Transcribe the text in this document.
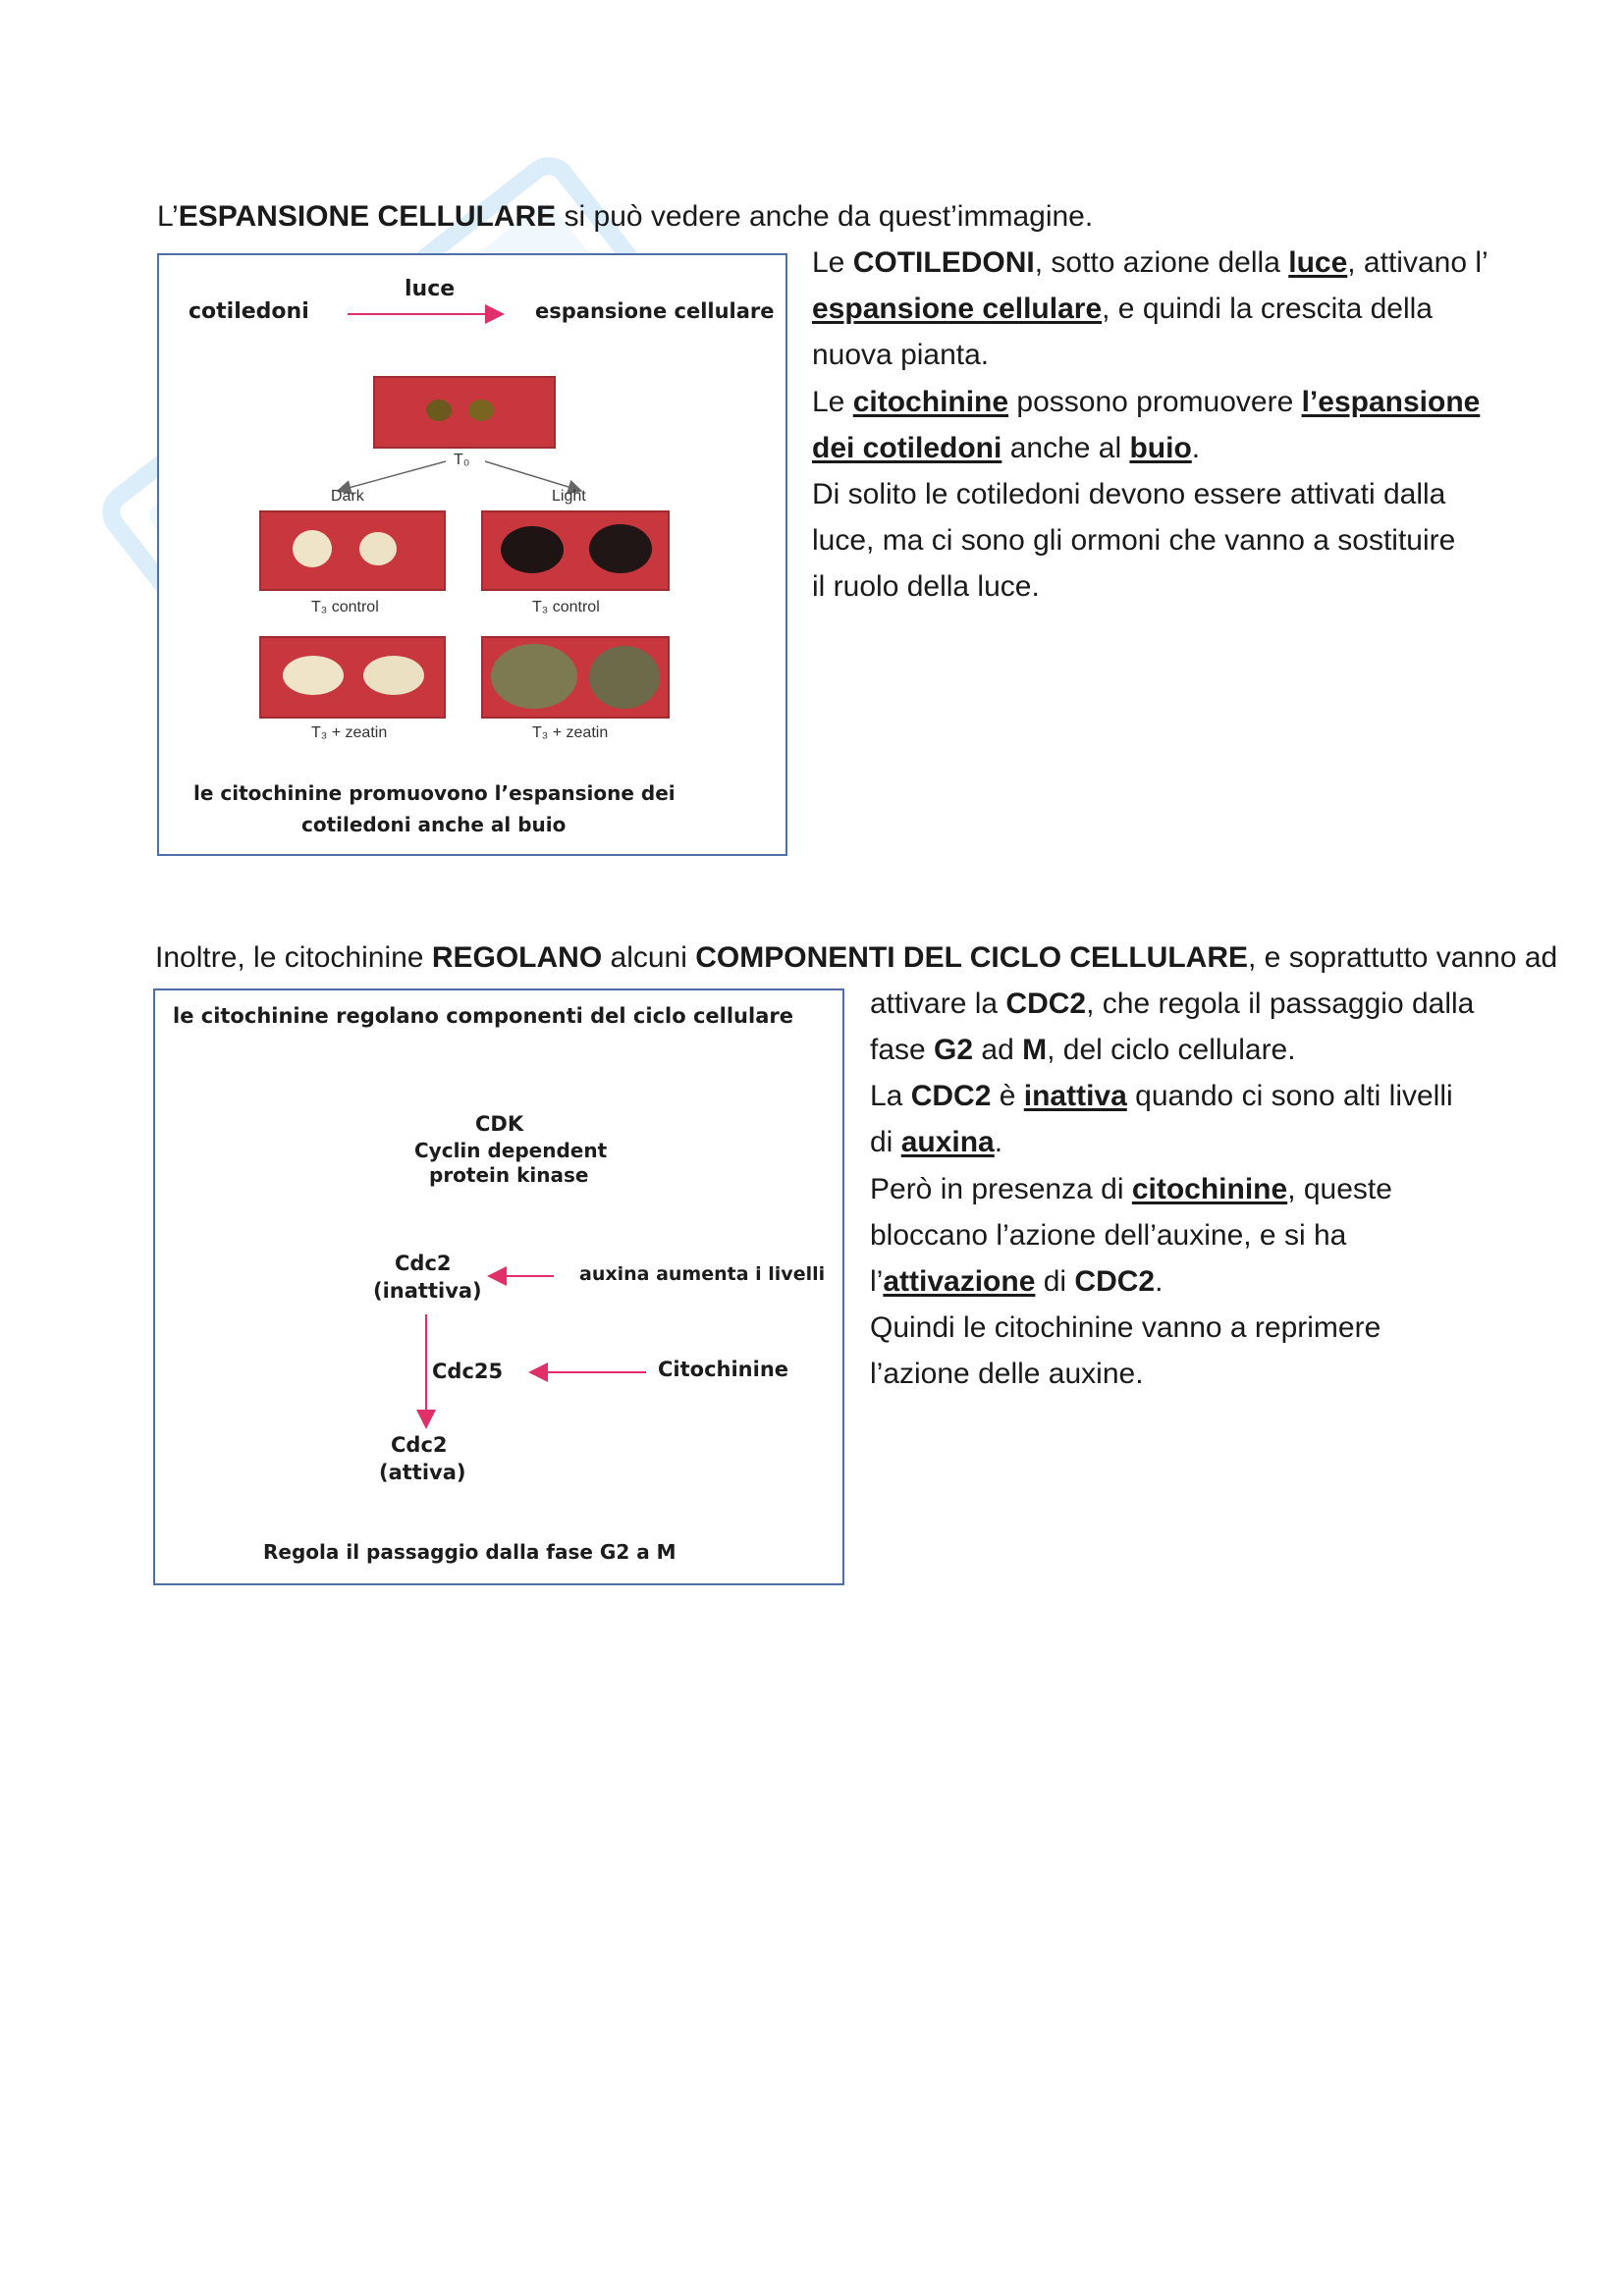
L’ESPANSIONE CELLULARE si può vedere anche da quest’immagine.

cotiledoni
luce
espansione cellulare
T₀
Dark	Light
T₃ control	T₃ control
T₃ + zeatin	T₃ + zeatin
le citochinine promuovono l’espansione dei
cotiledoni anche al buio

Le COTILEDONI, sotto azione della luce, attivano l’

espansione cellulare, e quindi la crescita della

nuova pianta.

Le citochinine possono promuovere l’espansione

dei cotiledoni anche al buio.

Di solito le cotiledoni devono essere attivati dalla

luce, ma ci sono gli ormoni che vanno a sostituire

il ruolo della luce.

Inoltre, le citochinine REGOLANO alcuni COMPONENTI DEL CICLO CELLULARE, e soprattutto vanno ad

le citochinine regolano componenti del ciclo cellulare
CDK
Cyclin dependent
protein kinase
Cdc2
(inattiva)
auxina aumenta i livelli
Cdc25	Citochinine
Cdc2
(attiva)
Regola il passaggio dalla fase G2 a M

attivare la CDC2, che regola il passaggio dalla

fase G2 ad M, del ciclo cellulare.

La CDC2 è inattiva quando ci sono alti livelli

di auxina.

Però in presenza di citochinine, queste

bloccano l’azione dell’auxine, e si ha

l’attivazione di CDC2.

Quindi le citochinine vanno a reprimere

l’azione delle auxine.
